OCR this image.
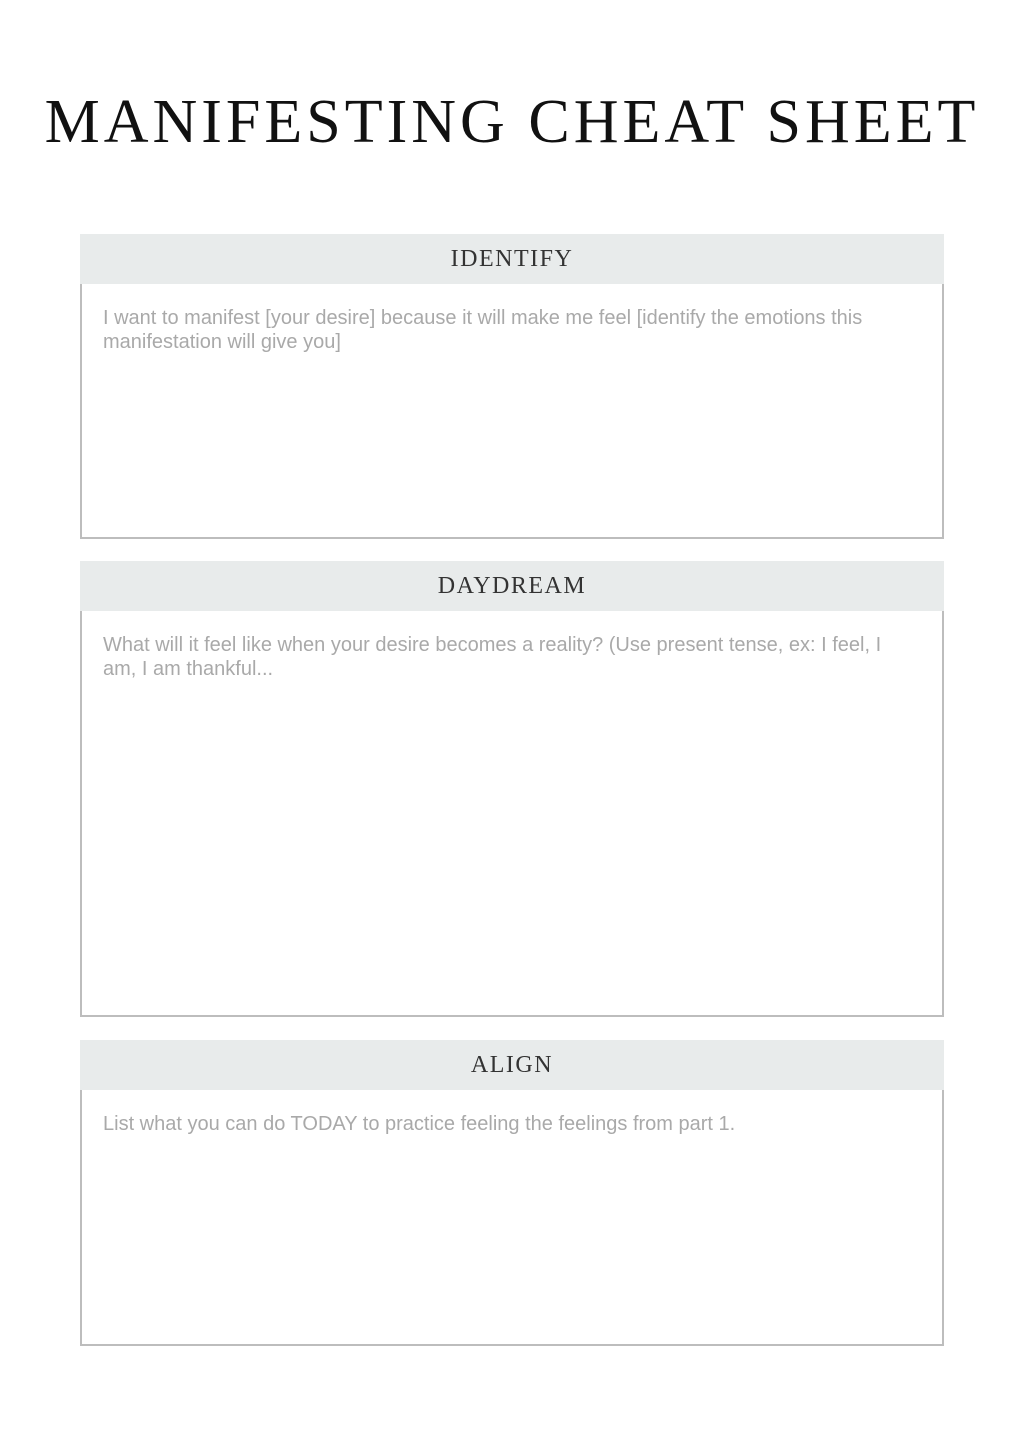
MANIFESTING CHEAT SHEET
IDENTIFY

I want to manifest [your desire] because it will make me feel [identify the emotions this manifestation will give you]

DAYDREAM

What will it feel like when your desire becomes a reality? (Use present tense, ex: I feel, I am, I am thankful...

ALIGN

List what you can do TODAY to practice feeling the feelings from part 1.
